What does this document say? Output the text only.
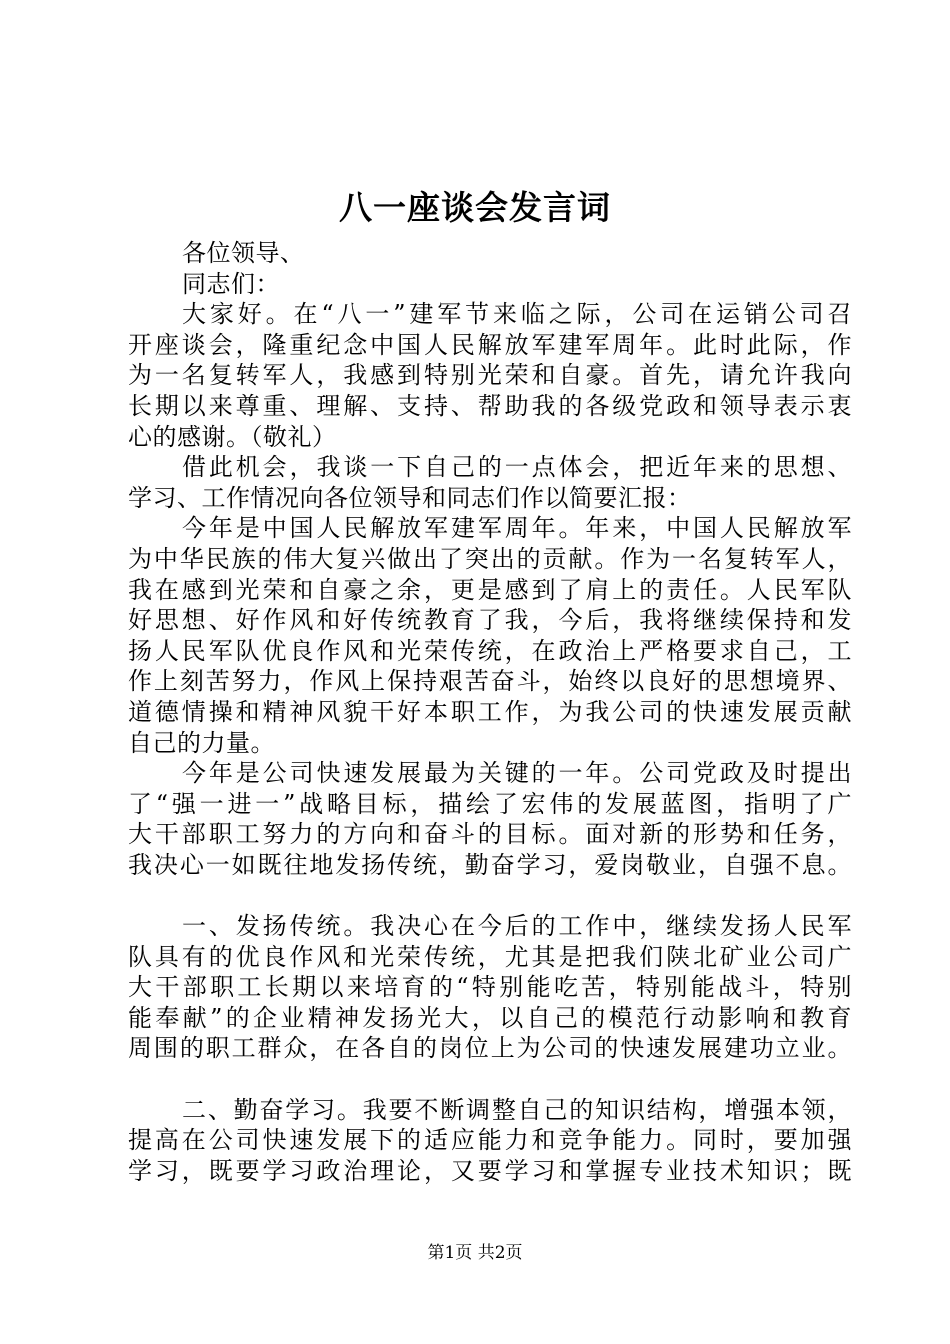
八一座谈会发言词
各位领导、
同志们：
大家好。在“八一”建军节来临之际，公司在运销公司召
开座谈会，隆重纪念中国人民解放军建军周年。此时此际，作
为一名复转军人，我感到特别光荣和自豪。首先，请允许我向
长期以来尊重、理解、支持、帮助我的各级党政和领导表示衷
心的感谢。（敬礼）
借此机会，我谈一下自己的一点体会，把近年来的思想、
学习、工作情况向各位领导和同志们作以简要汇报：
今年是中国人民解放军建军周年。年来，中国人民解放军
为中华民族的伟大复兴做出了突出的贡献。作为一名复转军人，
我在感到光荣和自豪之余，更是感到了肩上的责任。人民军队
好思想、好作风和好传统教育了我，今后，我将继续保持和发
扬人民军队优良作风和光荣传统，在政治上严格要求自己，工
作上刻苦努力，作风上保持艰苦奋斗，始终以良好的思想境界、
道德情操和精神风貌干好本职工作，为我公司的快速发展贡献
自己的力量。
今年是公司快速发展最为关键的一年。公司党政及时提出
了“强一进一”战略目标，描绘了宏伟的发展蓝图，指明了广
大干部职工努力的方向和奋斗的目标。面对新的形势和任务，
我决心一如既往地发扬传统，勤奋学习，爱岗敬业，自强不息。
一、发扬传统。我决心在今后的工作中，继续发扬人民军
队具有的优良作风和光荣传统，尤其是把我们陕北矿业公司广
大干部职工长期以来培育的“特别能吃苦，特别能战斗，特别
能奉献”的企业精神发扬光大，以自己的模范行动影响和教育
周围的职工群众，在各自的岗位上为公司的快速发展建功立业。
二、勤奋学习。我要不断调整自己的知识结构，增强本领，
提高在公司快速发展下的适应能力和竞争能力。同时，要加强
学习，既要学习政治理论，又要学习和掌握专业技术知识；既
第1页 共2页
